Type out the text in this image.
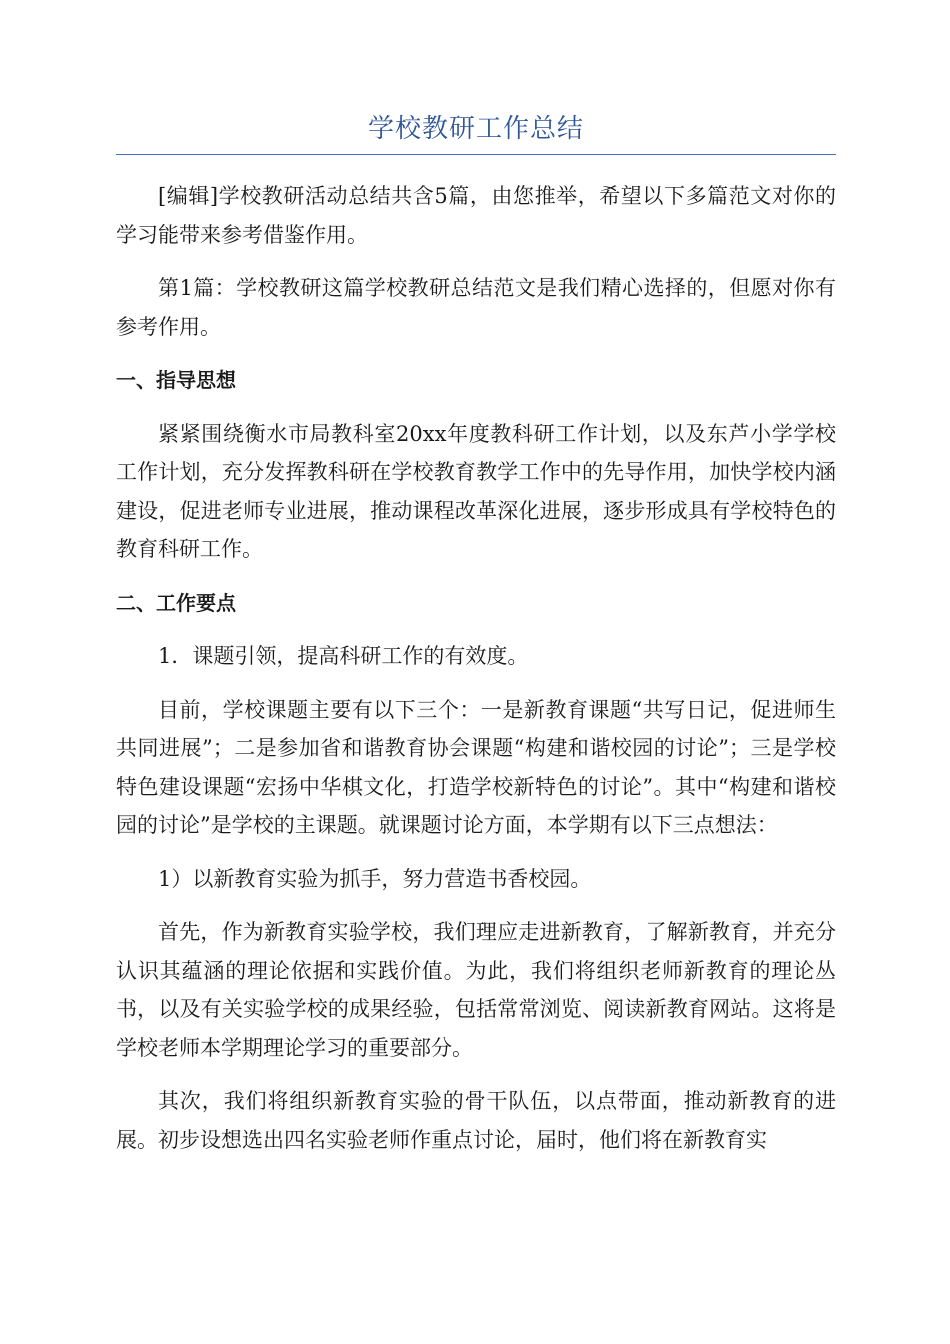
学校教研工作总结

[编辑]学校教研活动总结共含5篇，由您推举，希望以下多篇范文对你的学习能带来参考借鉴作用。

第1篇：学校教研这篇学校教研总结范文是我们精心选择的，但愿对你有参考作用。

一、指导思想

紧紧围绕衡水市局教科室20xx年度教科研工作计划，以及东芦小学学校工作计划，充分发挥教科研在学校教育教学工作中的先导作用，加快学校内涵建设，促进老师专业进展，推动课程改革深化进展，逐步形成具有学校特色的教育科研工作。

二、工作要点

1．课题引领，提高科研工作的有效度。

目前，学校课题主要有以下三个：一是新教育课题“共写日记，促进师生共同进展”；二是参加省和谐教育协会课题“构建和谐校园的讨论”；三是学校特色建设课题“宏扬中华棋文化，打造学校新特色的讨论”。其中“构建和谐校园的讨论”是学校的主课题。就课题讨论方面，本学期有以下三点想法：

1）以新教育实验为抓手，努力营造书香校园。

首先，作为新教育实验学校，我们理应走进新教育，了解新教育，并充分认识其蕴涵的理论依据和实践价值。为此，我们将组织老师新教育的理论丛书，以及有关实验学校的成果经验，包括常常浏览、阅读新教育网站。这将是学校老师本学期理论学习的重要部分。

其次，我们将组织新教育实验的骨干队伍，以点带面，推动新教育的进展。初步设想选出四名实验老师作重点讨论，届时，他们将在新教育实
